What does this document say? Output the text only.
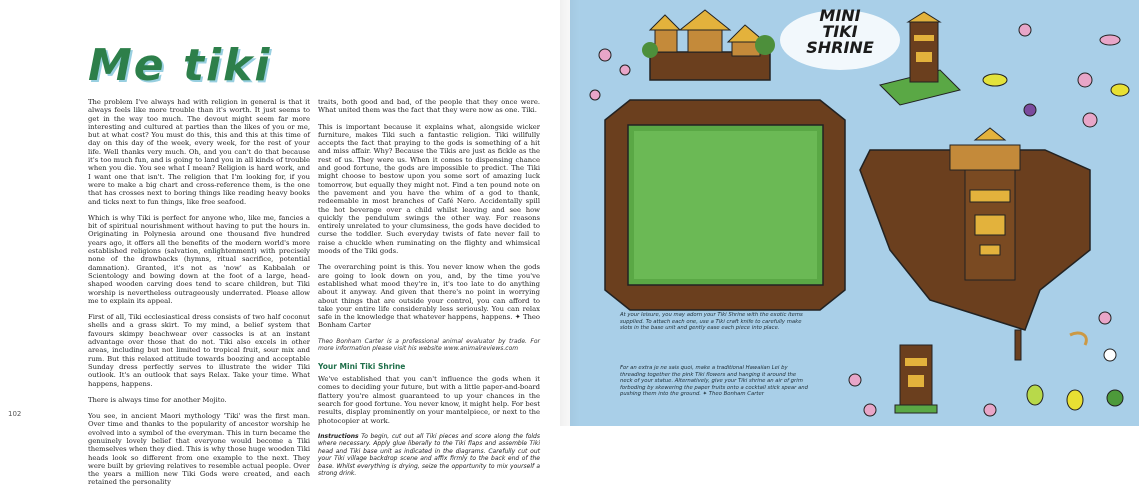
Me tiki

The problem I've always had with religion in general is that it always feels like more trouble than it's worth. It just seems to get in the way too much. The devout might seem far more interesting and cultured at parties than the likes of you or me, but at what cost? You must do this, this and this at this time of day on this day of the week, every week, for the rest of your life. Well thanks very much. Oh, and you can't do that because it's too much fun, and is going to land you in all kinds of trouble when you die. You see what I mean? Religion is hard work, and I want one that isn't. The religion that I'm looking for, if you were to make a big chart and cross-reference them, is the one that has crosses next to boring things like reading heavy books and ticks next to fun things, like free seafood.

Which is why Tiki is perfect for anyone who, like me, fancies a bit of spiritual nourishment without having to put the hours in. Originating in Polynesia around one thousand five hundred years ago, it offers all the benefits of the modern world's more established religions (salvation, enlightenment) with precisely none of the drawbacks (hymns, ritual sacrifice, potential damnation). Granted, it's not as 'now' as Kabbalah or Scientology and bowing down at the foot of a large, head-shaped wooden carving does tend to scare children, but Tiki worship is nevertheless outrageously underrated. Please allow me to explain its appeal.

First of all, Tiki ecclesiastical dress consists of two half coconut shells and a grass skirt. To my mind, a belief system that favours skimpy beachwear over cassocks is at an instant advantage over those that do not. Tiki also excels in other areas, including but not limited to tropical fruit, sour mix and rum. But this relaxed attitude towards boozing and acceptable Sunday dress perfectly serves to illustrate the wider Tiki outlook. It's an outlook that says Relax. Take your time. What happens, happens.

There is always time for another Mojito.

You see, in ancient Maori mythology 'Tiki' was the first man. Over time and thanks to the popularity of ancestor worship he evolved into a symbol of the everyman. This in turn became the genuinely lovely belief that everyone would become a Tiki themselves when they died. This is why those huge wooden Tiki heads look so different from one example to the next. They were built by grieving relatives to resemble actual people. Over the years a million new Tiki Gods were created, and each retained the personality

traits, both good and bad, of the people that they once were. What united them was the fact that they were now as one. Tiki.

This is important because it explains what, alongside wicker furniture, makes Tiki such a fantastic religion. Tiki willfully accepts the fact that praying to the gods is something of a hit and miss affair. Why? Because the Tikis are just as fickle as the rest of us. They were us. When it comes to dispensing chance and good fortune, the gods are impossible to predict. The Tiki might choose to bestow upon you some sort of amazing luck tomorrow, but equally they might not. Find a ten pound note on the pavement and you have the whim of a god to thank, redeemable in most branches of Café Nero. Accidentally spill the hot beverage over a child whilst leaving and see how quickly the pendulum swings the other way. For reasons entirely unrelated to your clumsiness, the gods have decided to curse the toddler. Such everyday twists of fate never fail to raise a chuckle when ruminating on the flighty and whimsical moods of the Tiki gods.

The overarching point is this. You never know when the gods are going to look down on you, and, by the time you've established what mood they're in, it's too late to do anything about it anyway. And given that there's no point in worrying about things that are outside your control, you can afford to take your entire life considerably less seriously. You can relax safe in the knowledge that whatever happens, happens. ✦ Theo Bonham Carter

Theo Bonham Carter is a professional animal evaluator by trade. For more information please visit his website www.animalreviews.com
Your Mini Tiki Shrine

We've established that you can't influence the gods when it comes to deciding your future, but with a little paper-and-board flattery you're almost guaranteed to up your chances in the search for good fortune. You never know, it might help. For best results, display prominently on your mantelpiece, or next to the photocopier at work.

Instructions To begin, cut out all Tiki pieces and score along the folds where necessary. Apply glue liberally to the Tiki flaps and assemble Tiki head and Tiki base unit as indicated in the diagrams. Carefully cut out your Tiki village backdrop scene and affix firmly to the back end of the base. Whilst everything is drying, seize the opportunity to mix yourself a strong drink.
102
MINI
TIKI
SHRINE
At your leisure, you may adorn your Tiki Shrine with the exotic items supplied. To attach each one, use a Tiki craft knife to carefully make slots in the base unit and gently ease each piece into place.
For an extra je ne sais quoi, make a traditional Hawaiian Lei by threading together the pink Tiki flowers and hanging it around the neck of your statue. Alternatively, give your Tiki shrine an air of grim forboding by skewering the paper fruits onto a cocktail stick spear and pushing them into the ground. ✦ Theo Bonham Carter
